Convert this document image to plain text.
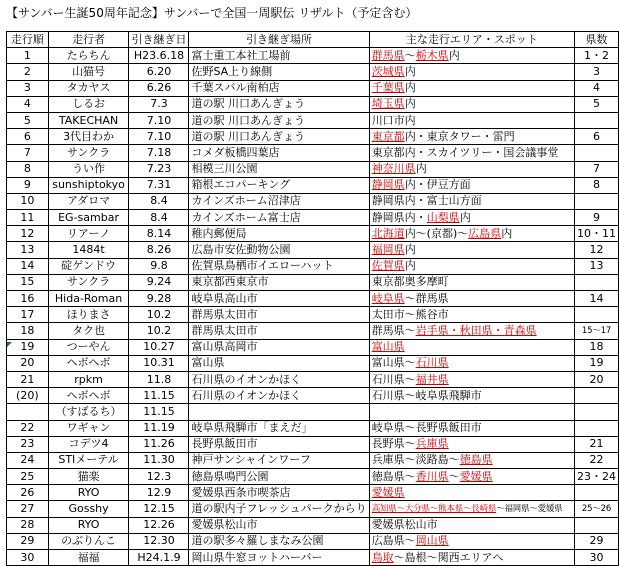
【サンバー生誕50周年記念】サンバーで全国一周駅伝 リザルト（予定含む）
走行順	走行者	引き継ぎ日	引き継ぎ場所	主な走行エリア・スポット	県数
1	たらちん	H23.6.18	富士重工本社工場前	群馬県～栃木県内	1・2
2	山猫号	6.20	佐野SA上り線側	茨城県内	3
3	タカヤス	6.26	千葉スバル南柏店	千葉県内	4
4	しるお	7.3	道の駅 川口あんぎょう	埼玉県内	5
5	TAKECHAN	7.10	道の駅 川口あんぎょう	川口市内	
6	3代目わか	7.10	道の駅 川口あんぎょう	東京都内・東京タワー・雷門	6
7	サンクラ	7.18	コメダ板橋四葉店	東京都内・スカイツリー・国会議事堂	
8	うい作	7.23	相模三川公園	神奈川県内	7
9	sunshiptokyo	7.31	箱根エコパーキング	静岡県内・伊豆方面	8
10	アダロマ	8.4	カインズホーム沼津店	静岡県内・富士山方面	
11	EG-sambar	8.4	カインズホーム富士店	静岡県内・山梨県内	9
12	リアーノ	8.14	稚内郵便局	北海道内～(京都)～広島県内	10・11
13	1484t	8.26	広島市安佐動物公園	福岡県内	12
14	碇ゲンドウ	9.8	佐賀県鳥栖市イエローハット	佐賀県内	13
15	サンクラ	9.24	東京都西東京市	東京都奥多摩町	
16	Hida-Roman	9.28	岐阜県高山市	岐阜県～群馬県	14
17	ほりまさ	10.2	群馬県太田市	太田市～熊谷市	
18	タク也	10.2	群馬県太田市	群馬県～岩手県・秋田県・青森県	15～17
19	つーやん	10.27	富山県高岡市	富山県	18
20	ヘボヘボ	10.31	富山県	富山県～石川県	19
21	rpkm	11.8	石川県のイオンかほく	石川県～福井県	20
(20)	ヘボヘボ	11.15	石川県のイオンかほく	石川県～岐阜県飛騨市	
	（すばるち）	11.15			
22	ワギャン	11.19	岐阜県飛騨市「まえだ」	岐阜県～長野県飯田市	
23	コデツ4	11.26	長野県飯田市	長野県～兵庫県	21
24	STIメーテル	11.30	神戸サンシャインワーフ	兵庫県～淡路島～徳島県	22
25	猫楽	12.3	徳島県鳴門公園	徳島県～香川県～愛媛県	23・24
26	RYO	12.9	愛媛県西条市喫茶店	愛媛県	
27	Gosshy	12.15	道の駅内子フレッシュパークからり	高知県～大分県～熊本県～長崎県～福岡県～愛媛県	25～26
28	RYO	12.26	愛媛県松山市	愛媛県松山市	
29	のぶりんこ	12.30	道の駅多々羅しまなみ公園	広島県～岡山県	29
30	福福	H24.1.9	岡山県牛窓ヨットハーバー	鳥取～島根～関西エリアへ	30
